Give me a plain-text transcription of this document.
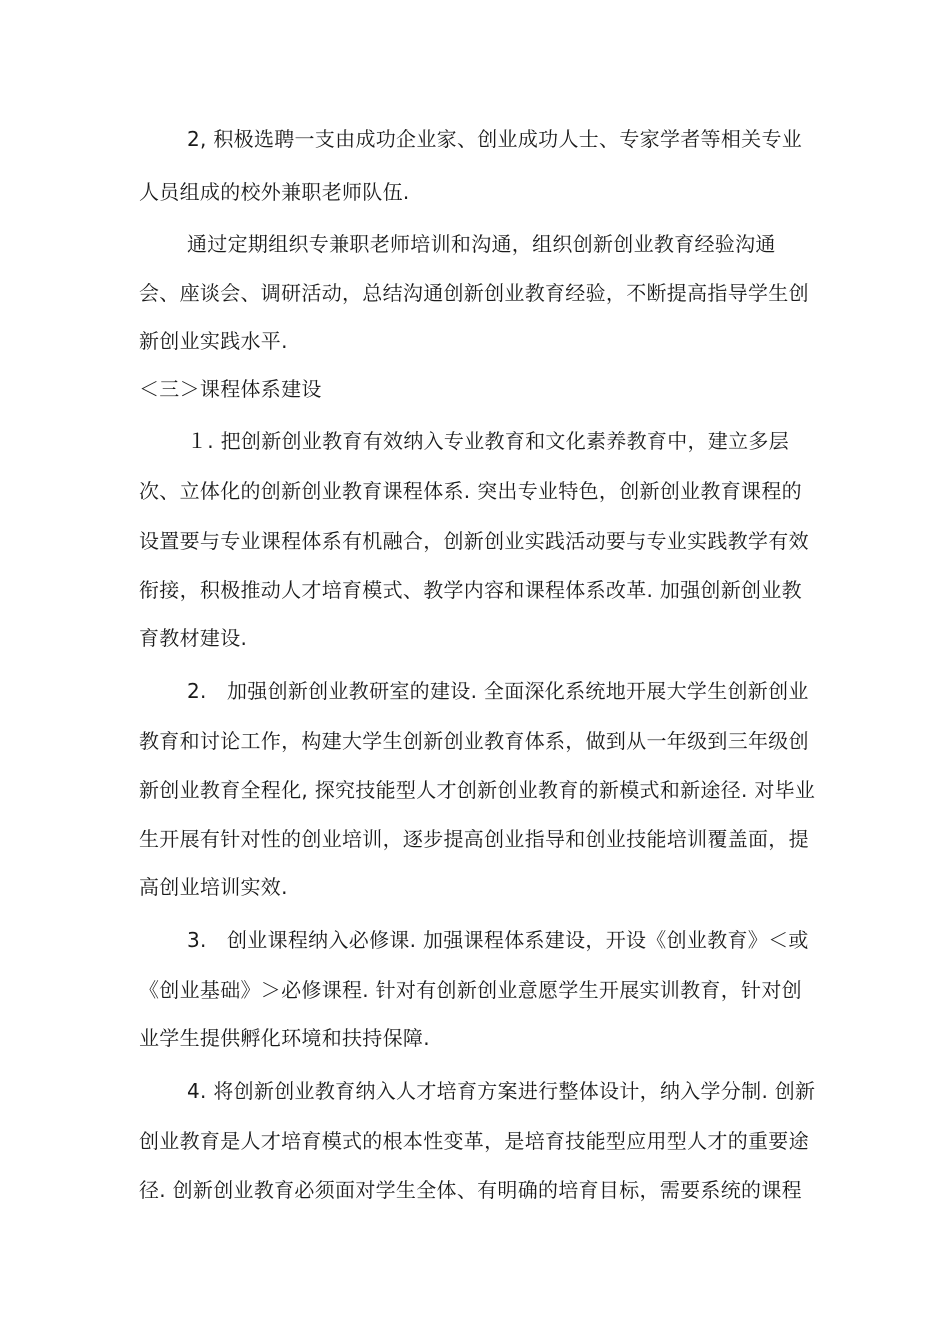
2, 积极选聘一支由成功企业家、创业成功人士、专家学者等相关专业
人员组成的校外兼职老师队伍.
通过定期组织专兼职老师培训和沟通，组织创新创业教育经验沟通
会、座谈会、调研活动，总结沟通创新创业教育经验，不断提高指导学生创
新创业实践水平.
＜三＞课程体系建设
１. 把创新创业教育有效纳入专业教育和文化素养教育中，建立多层
次、立体化的创新创业教育课程体系. 突出专业特色，创新创业教育课程的
设置要与专业课程体系有机融合，创新创业实践活动要与专业实践教学有效
衔接，积极推动人才培育模式、教学内容和课程体系改革. 加强创新创业教
育教材建设.
2.　加强创新创业教研室的建设. 全面深化系统地开展大学生创新创业
教育和讨论工作，构建大学生创新创业教育体系，做到从一年级到三年级创
新创业教育全程化, 探究技能型人才创新创业教育的新模式和新途径. 对毕业
生开展有针对性的创业培训，逐步提高创业指导和创业技能培训覆盖面，提
高创业培训实效.
3.　创业课程纳入必修课. 加强课程体系建设，开设《创业教育》＜或
《创业基础》＞必修课程. 针对有创新创业意愿学生开展实训教育，针对创
业学生提供孵化环境和扶持保障.
4. 将创新创业教育纳入人才培育方案进行整体设计，纳入学分制. 创新
创业教育是人才培育模式的根本性变革，是培育技能型应用型人才的重要途
径. 创新创业教育必须面对学生全体、有明确的培育目标，需要系统的课程
